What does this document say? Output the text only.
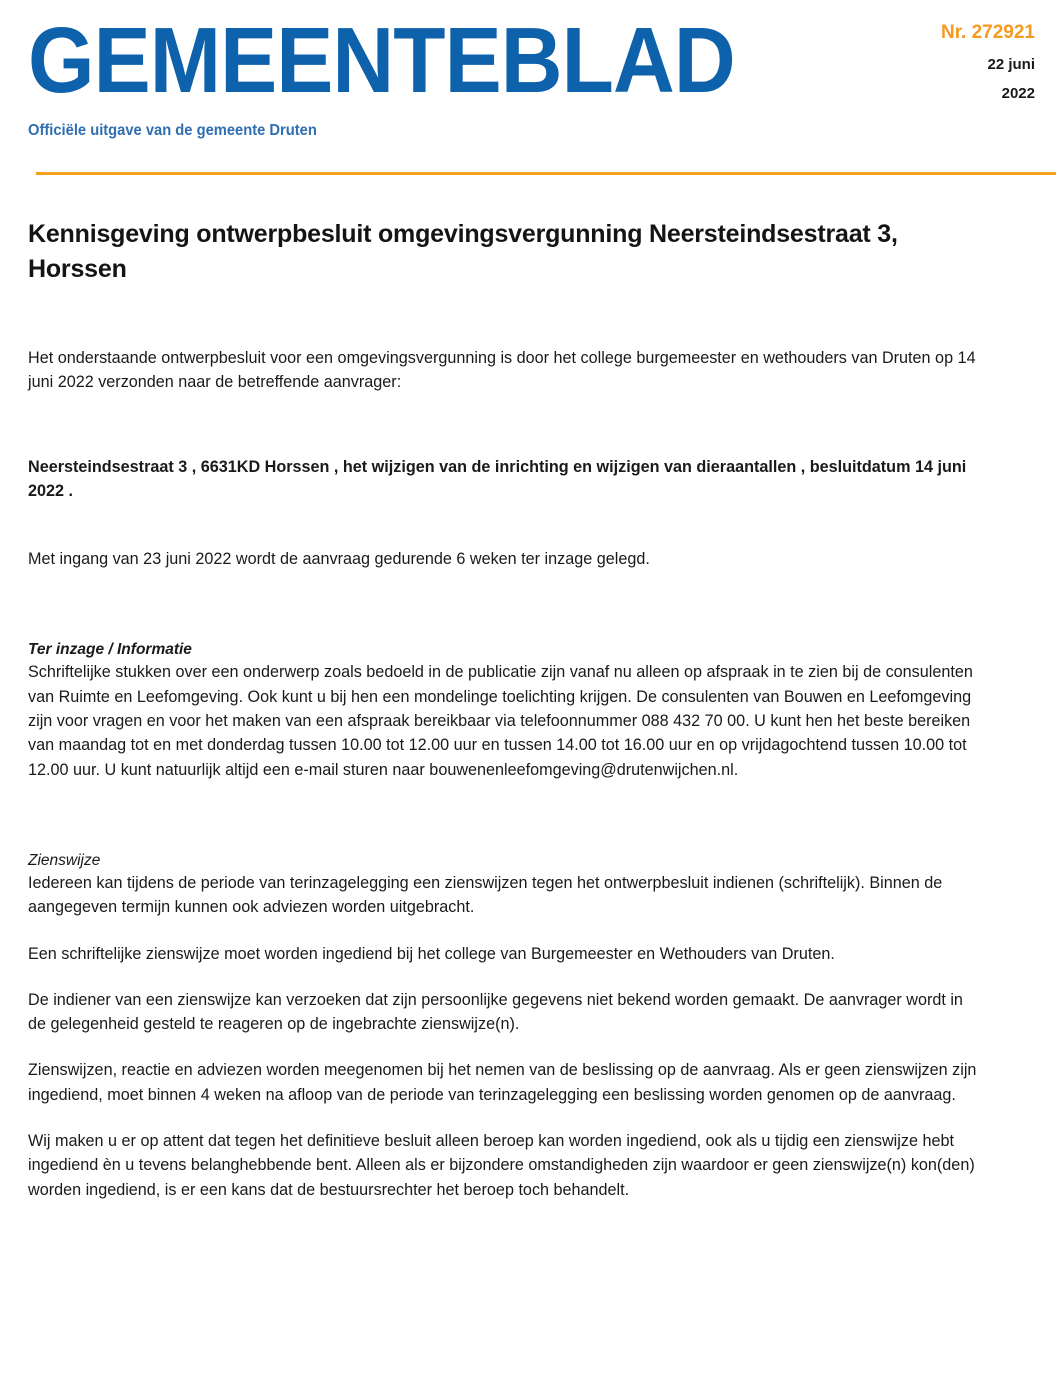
GEMEENTEBLAD
Officiële uitgave van de gemeente Druten
Nr. 272921
22 juni
2022
Kennisgeving ontwerpbesluit omgevingsvergunning Neersteindsestraat 3, Horssen

Het onderstaande ontwerpbesluit voor een omgevingsvergunning is door het college burgemeester en wethouders van Druten op 14 juni 2022 verzonden naar de betreffende aanvrager:

Neersteindsestraat 3 , 6631KD Horssen , het wijzigen van de inrichting en wijzigen van dieraantallen , besluitdatum 14 juni 2022 .

Met ingang van 23 juni 2022 wordt de aanvraag gedurende 6 weken ter inzage gelegd.

Ter inzage / Informatie

Schriftelijke stukken over een onderwerp zoals bedoeld in de publicatie zijn vanaf nu alleen op afspraak in te zien bij de consulenten van Ruimte en Leefomgeving. Ook kunt u bij hen een mondelinge toelichting krijgen. De consulenten van Bouwen en Leefomgeving zijn voor vragen en voor het maken van een afspraak bereikbaar via telefoonnummer 088 432 70 00. U kunt hen het beste bereiken van maandag tot en met donderdag tussen 10.00 tot 12.00 uur en tussen 14.00 tot 16.00 uur en op vrijdagochtend tussen 10.00 tot 12.00 uur. U kunt natuurlijk altijd een e-mail sturen naar bouwenenleefomgeving@drutenwijchen.nl.

Zienswijze

Iedereen kan tijdens de periode van terinzagelegging een zienswijzen tegen het ontwerpbesluit indienen (schriftelijk). Binnen de aangegeven termijn kunnen ook adviezen worden uitgebracht.

Een schriftelijke zienswijze moet worden ingediend bij het college van Burgemeester en Wethouders van Druten.

De indiener van een zienswijze kan verzoeken dat zijn persoonlijke gegevens niet bekend worden gemaakt. De aanvrager wordt in de gelegenheid gesteld te reageren op de ingebrachte zienswijze(n).

Zienswijzen, reactie en adviezen worden meegenomen bij het nemen van de beslissing op de aanvraag. Als er geen zienswijzen zijn ingediend, moet binnen 4 weken na afloop van de periode van terinzagelegging een beslissing worden genomen op de aanvraag.

Wij maken u er op attent dat tegen het definitieve besluit alleen beroep kan worden ingediend, ook als u tijdig een zienswijze hebt ingediend èn u tevens belanghebbende bent. Alleen als er bijzondere omstandigheden zijn waardoor er geen zienswijze(n) kon(den) worden ingediend, is er een kans dat de bestuursrechter het beroep toch behandelt.
